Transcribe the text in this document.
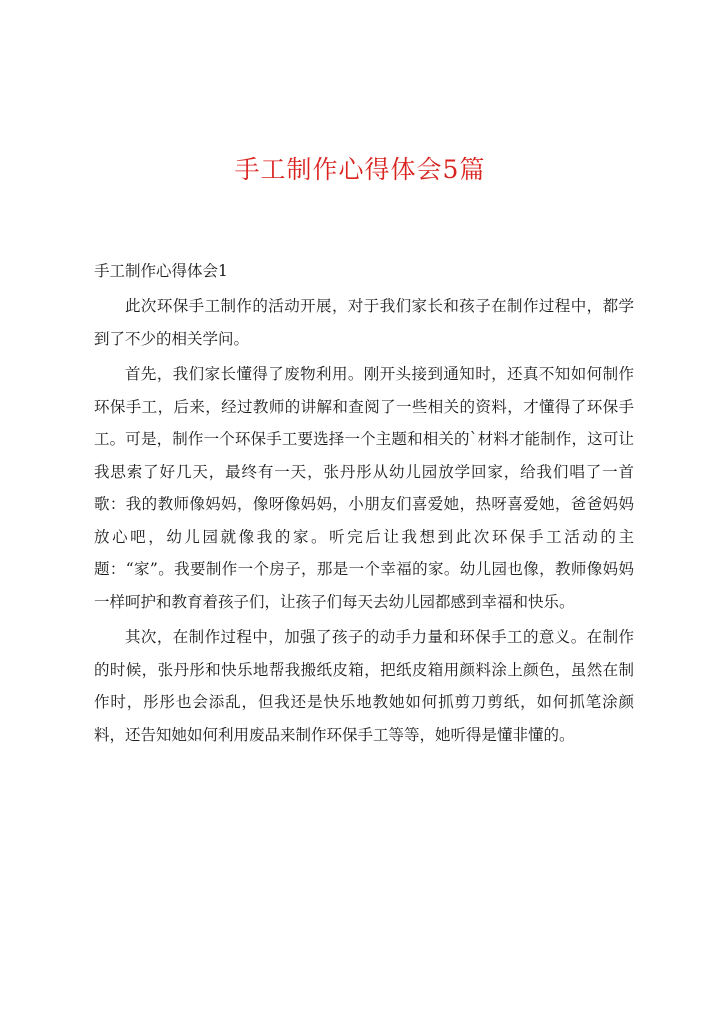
手工制作心得体会5篇

手工制作心得体会1

此次环保手工制作的活动开展，对于我们家长和孩子在制作过程中，都学到了不少的相关学问。

首先，我们家长懂得了废物利用。刚开头接到通知时，还真不知如何制作环保手工，后来，经过教师的讲解和查阅了一些相关的资料，才懂得了环保手工。可是，制作一个环保手工要选择一个主题和相关的`材料才能制作，这可让我思索了好几天，最终有一天，张丹彤从幼儿园放学回家，给我们唱了一首歌：我的教师像妈妈，像呀像妈妈，小朋友们喜爱她，热呀喜爱她，爸爸妈妈放心吧，幼儿园就像我的家。听完后让我想到此次环保手工活动的主题：“家”。我要制作一个房子，那是一个幸福的家。幼儿园也像，教师像妈妈一样呵护和教育着孩子们，让孩子们每天去幼儿园都感到幸福和快乐。

其次，在制作过程中，加强了孩子的动手力量和环保手工的意义。在制作的时候，张丹彤和快乐地帮我搬纸皮箱，把纸皮箱用颜料涂上颜色，虽然在制作时，彤彤也会添乱，但我还是快乐地教她如何抓剪刀剪纸，如何抓笔涂颜料，还告知她如何利用废品来制作环保手工等等，她听得是懂非懂的。
